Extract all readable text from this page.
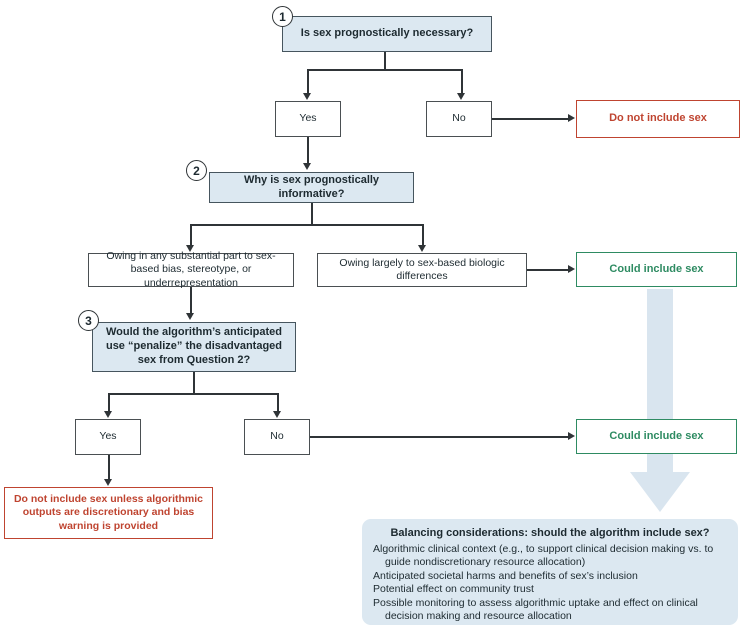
1
Is sex prognostically necessary?
Yes	No	Do not include sex
2
Why is sex prognostically informative?
Owing in any substantial part to sex-based bias, stereotype, or underrepresentation
Owing largely to sex-based biologic differences
Could include sex
3
Would the algorithm’s anticipated use “penalize” the disadvantaged sex from Question 2?
Yes	No	Could include sex
Do not include sex unless algorithmic outputs are discretionary and bias warning is provided
Balancing considerations: should the algorithm include sex?
Algorithmic clinical context (e.g., to support clinical decision making vs. to guide nondiscretionary resource allocation)
Anticipated societal harms and benefits of sex’s inclusion
Potential effect on community trust
Possible monitoring to assess algorithmic uptake and effect on clinical decision making and resource allocation
